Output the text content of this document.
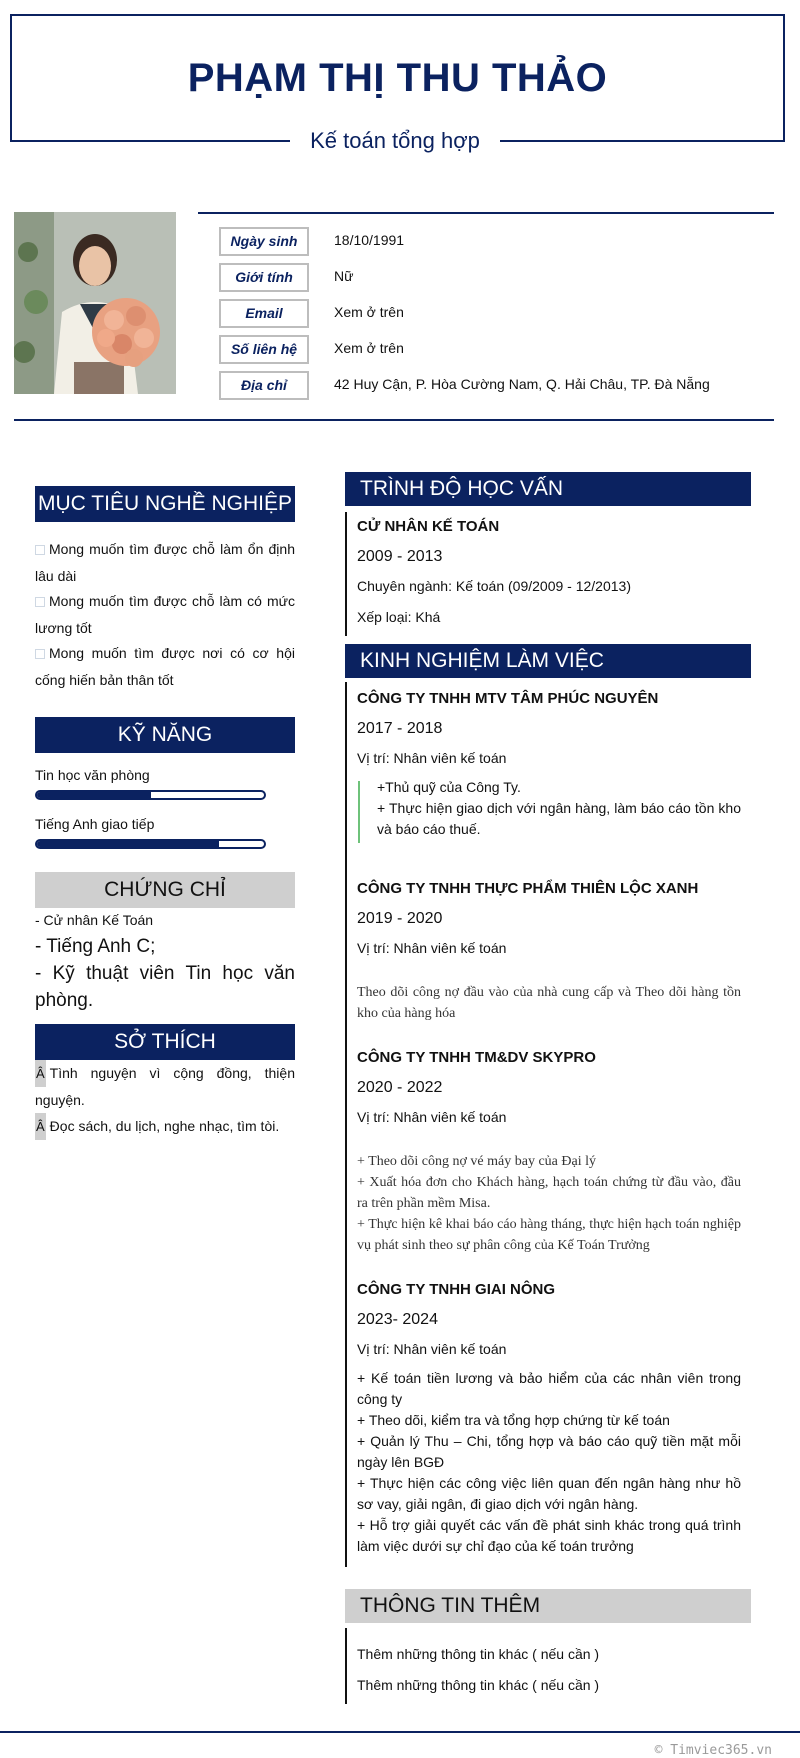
PHẠM THỊ THU THẢO
Kế toán tổng hợp
Ngày sinh	18/10/1991
Giới tính	Nữ
Email	Xem ở trên
Số liên hệ	Xem ở trên
Địa chỉ	42 Huy Cận, P. Hòa Cường Nam, Q. Hải Châu, TP. Đà Nẵng
MỤC TIÊU NGHỀ NGHIỆP
Mong muốn tìm được chỗ làm ổn định lâu dài
Mong muốn tìm được chỗ làm có mức lương tốt
Mong muốn tìm được nơi có cơ hội cống hiến bản thân tốt
KỸ NĂNG
Tin học văn phòng
Tiếng Anh giao tiếp
CHỨNG CHỈ
- Cử nhân Kế Toán
- Tiếng Anh C;
- Kỹ thuật viên Tin học văn phòng.
SỞ THÍCH
Â Tình nguyện vì cộng đồng, thiện nguyện.
Â Đọc sách, du lịch, nghe nhạc, tìm tòi.
TRÌNH ĐỘ HỌC VẤN
CỬ NHÂN KẾ TOÁN
2009 - 2013
Chuyên ngành: Kế toán (09/2009 - 12/2013)
Xếp loại: Khá
KINH NGHIỆM LÀM VIỆC
CÔNG TY TNHH MTV TÂM PHÚC NGUYÊN
2017 - 2018
Vị trí: Nhân viên kế toán
+Thủ quỹ của Công Ty.
+ Thực hiện giao dịch với ngân hàng, làm báo cáo tồn kho và báo cáo thuế.
CÔNG TY TNHH THỰC PHẨM THIÊN LỘC XANH
2019 - 2020
Vị trí: Nhân viên kế toán
Theo dõi công nợ đầu vào của nhà cung cấp và Theo dõi hàng tồn kho của hàng hóa
CÔNG TY TNHH TM&DV SKYPRO
2020 - 2022
Vị trí: Nhân viên kế toán
+ Theo dõi công nợ vé máy bay của Đại lý
+ Xuất hóa đơn cho Khách hàng, hạch toán chứng từ đầu vào, đầu ra trên phần mềm Misa.
+ Thực hiện kê khai báo cáo hàng tháng, thực hiện hạch toán nghiệp vụ phát sinh theo sự phân công của Kế Toán Trưởng
CÔNG TY TNHH GIAI NÔNG
2023- 2024
Vị trí: Nhân viên kế toán
+ Kế toán tiền lương và bảo hiểm của các nhân viên trong công ty
+ Theo dõi, kiểm tra và tổng hợp chứng từ kế toán
+ Quản lý Thu – Chi, tổng hợp và báo cáo quỹ tiền mặt mỗi ngày lên BGĐ
+ Thực hiện các công việc liên quan đến ngân hàng như hồ sơ vay, giải ngân, đi giao dịch với ngân hàng.
+ Hỗ trợ giải quyết các vấn đề phát sinh khác trong quá trình làm việc dưới sự chỉ đạo của kế toán trưởng
THÔNG TIN THÊM
Thêm những thông tin khác ( nếu cần )
Thêm những thông tin khác ( nếu cần )
© Timviec365.vn
